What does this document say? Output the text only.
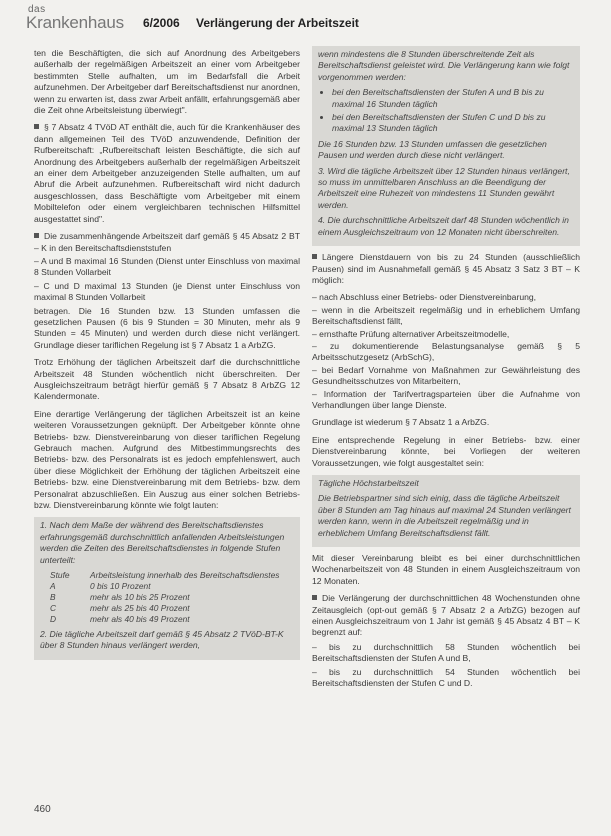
das
Krankenhaus 6/2006 Verlängerung der Arbeitszeit

ten die Beschäftigten, die sich auf Anordnung des Arbeitgebers außerhalb der regelmäßigen Arbeitszeit an einer vom Arbeitgeber bestimmten Stelle aufhalten, um im Bedarfsfall die Arbeit aufzunehmen. Der Arbeitgeber darf Bereitschaftsdienst nur anordnen, wenn zu erwarten ist, dass zwar Arbeit anfällt, erfahrungsgemäß aber die Zeit ohne Arbeitsleistung überwiegt".

§ 7 Absatz 4 TVöD AT enthält die, auch für die Krankenhäuser des dann allgemeinen Teil des TVöD anzuwendende, Definition der Rufbereitschaft: „Rufbereitschaft leisten Beschäftigte, die sich auf Anordnung des Arbeitgebers außerhalb der regelmäßigen Arbeitszeit an einer dem Arbeitgeber anzuzeigenden Stelle aufhalten, um auf Abruf die Arbeit aufzunehmen. Rufbereitschaft wird nicht dadurch ausgeschlossen, dass Beschäftigte vom Arbeitgeber mit einem Mobiltelefon oder einem vergleichbaren technischen Hilfsmittel ausgestattet sind".

Die zusammenhängende Arbeitszeit darf gemäß § 45 Absatz 2 BT – K in den Bereitschaftsdienststufen

– A und B maximal 16 Stunden (Dienst unter Einschluss von maximal 8 Stunden Vollarbeit

– C und D maximal 13 Stunden (je Dienst unter Einschluss von maximal 8 Stunden Vollarbeit

betragen. Die 16 Stunden bzw. 13 Stunden umfassen die gesetzlichen Pausen (6 bis 9 Stunden = 30 Minuten, mehr als 9 Stunden = 45 Minuten) und werden durch diese nicht verlängert. Grundlage dieser tariflichen Regelung ist § 7 Absatz 1 a ArbZG.

Trotz Erhöhung der täglichen Arbeitszeit darf die durchschnittliche Arbeitszeit 48 Stunden wöchentlich nicht überschreiten. Der Ausgleichszeitraum beträgt hierfür gemäß § 7 Absatz 8 ArbZG 12 Kalendermonate.

Eine derartige Verlängerung der täglichen Arbeitszeit ist an keine weiteren Voraussetzungen geknüpft. Der Arbeitgeber könnte ohne Betriebs- bzw. Dienstvereinbarung von dieser tariflichen Regelung Gebrauch machen. Aufgrund des Mitbestimmungsrechts des Betriebs- bzw. des Personalrats ist es jedoch empfehlenswert, auch über diese Möglichkeit der Erhöhung der täglichen Arbeitszeit eine Betriebs- bzw. eine Dienstvereinbarung mit dem Betriebs- bzw. dem Personalrat abzuschließen. Ein Auszug aus einer solchen Betriebs- bzw. Dienstvereinbarung könnte wie folgt lauten:

1. Nach dem Maße der während des Bereitschaftsdienstes erfahrungsgemäß durchschnittlich anfallenden Arbeitsleistungen werden die Zeiten des Bereitschaftsdienstes in folgende Stufen unterteilt:

Stufe	Arbeitsleistung innerhalb des Bereitschaftsdienstes
A	0 bis 10 Prozent
B	mehr als 10 bis 25 Prozent
C	mehr als 25 bis 40 Prozent
D	mehr als 40 bis 49 Prozent

2. Die tägliche Arbeitszeit darf gemäß § 45 Absatz 2 TVöD-BT-K über 8 Stunden hinaus verlängert werden,

wenn mindestens die 8 Stunden überschreitende Zeit als Bereitschaftsdienst geleistet wird. Die Verlängerung kann wie folgt vorgenommen werden:

• bei den Bereitschaftsdiensten der Stufen A und B bis zu maximal 16 Stunden täglich
• bei den Bereitschaftsdiensten der Stufen C und D bis zu maximal 13 Stunden täglich

Die 16 Stunden bzw. 13 Stunden umfassen die gesetzlichen Pausen und werden durch diese nicht verlängert.

3. Wird die tägliche Arbeitszeit über 12 Stunden hinaus verlängert, so muss im unmittelbaren Anschluss an die Beendigung der Arbeitszeit eine Ruhezeit von mindestens 11 Stunden gewährt werden.

4. Die durchschnittliche Arbeitszeit darf 48 Stunden wöchentlich in einem Ausgleichszeitraum von 12 Monaten nicht überschreiten.

Längere Dienstdauern von bis zu 24 Stunden (ausschließlich Pausen) sind im Ausnahmefall gemäß § 45 Absatz 3 Satz 3 BT – K möglich:

– nach Abschluss einer Betriebs- oder Dienstvereinbarung,

– wenn in die Arbeitszeit regelmäßig und in erheblichem Umfang Bereitschaftsdienst fällt,

– ernsthafte Prüfung alternativer Arbeitszeitmodelle,

– zu dokumentierende Belastungsanalyse gemäß § 5 Arbeitsschutzgesetz (ArbSchG),

– bei Bedarf Vornahme von Maßnahmen zur Gewährleistung des Gesundheitsschutzes von Mitarbeitern,

– Information der Tarifvertragsparteien über die Aufnahme von Verhandlungen über lange Dienste.

Grundlage ist wiederum § 7 Absatz 1 a ArbZG.

Eine entsprechende Regelung in einer Betriebs- bzw. einer Dienstvereinbarung könnte, bei Vorliegen der weiteren Voraussetzungen, wie folgt ausgestaltet sein:

Tägliche Höchstarbeitszeit

Die Betriebspartner sind sich einig, dass die tägliche Arbeitszeit über 8 Stunden am Tag hinaus auf maximal 24 Stunden verlängert werden kann, wenn in die Arbeitszeit regelmäßig und in erheblichem Umfang Bereitschaftsdienst fällt.

Mit dieser Vereinbarung bleibt es bei einer durchschnittlichen Wochenarbeitszeit von 48 Stunden in einem Ausgleichszeitraum von 12 Monaten.

Die Verlängerung der durchschnittlichen 48 Wochenstunden ohne Zeitausgleich (opt-out gemäß § 7 Absatz 2 a ArbZG) bezogen auf einen Ausgleichszeitraum von 1 Jahr ist gemäß § 45 Absatz 4 BT – K begrenzt auf:

– bis zu durchschnittlich 58 Stunden wöchentlich bei Bereitschaftsdiensten der Stufen A und B,

– bis zu durchschnittlich 54 Stunden wöchentlich bei Bereitschaftsdiensten der Stufen C und D.

460
